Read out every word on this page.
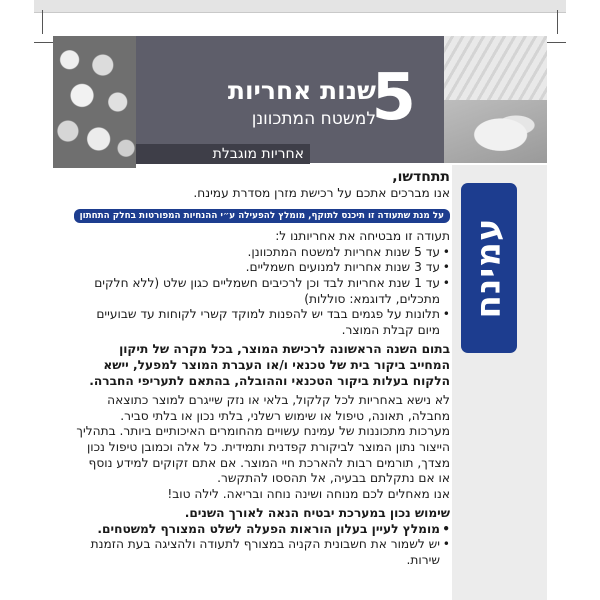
5
שנות אחריות
למשטח המתכוונן
אחריות מוגבלת
עמינח

תתחדשו,

אנו מברכים אתכם על רכישת מזרן מסדרת עמינח.

על מנת שתעודה זו תיכנס לתוקף, מומלץ להפעילה ע״י ההנחיות המפורטות בחלק התחתון

תעודה זו מבטיחה את אחריותנו ל:

• עד 5 שנות אחריות למשטח המתכוונן.

• עד 3 שנות אחריות למנועים חשמליים.

• עד 1 שנת אחריות לבד וכן לרכיבים חשמליים כגון שלט (ללא חלקים מתכלים, לדוגמא: סוללות)

• תלונות על פגמים בבד יש להפנות למוקד קשרי לקוחות עד שבועיים מיום קבלת המוצר.

בתום השנה הראשונה לרכישת המוצר, בכל מקרה של תיקון המחייב ביקור בית של טכנאי ו/או העברת המוצר למפעל, יישא הלקוח בעלות ביקור הטכנאי וההובלה, בהתאם לתעריפי החברה.

לא נישא באחריות לכל קלקול, בלאי או נזק שייגרם למוצר כתוצאה מחבלה, תאונה, טיפול או שימוש רשלני, בלתי נכון או בלתי סביר. מערכות מתכוננות של עמינח עשויים מהחומרים האיכותיים ביותר. בתהליך הייצור נתון המוצר לביקורת קפדנית ותמידית. כל אלה וכמובן טיפול נכון מצדך, תורמים רבות להארכת חיי המוצר. אם אתם זקוקים למידע נוסף או אם נתקלתם בבעיה, אל תהססו להתקשר.

אנו מאחלים לכם מנוחה ושינה נוחה ובריאה. לילה טוב!

שימוש נכון במערכת יבטיח הנאה לאורך השנים.

• מומלץ לעיין בעלון הוראות הפעלה לשלט המצורף למשטחים.

• יש לשמור את חשבונית הקניה במצורף לתעודה ולהציגה בעת הזמנת שירות.
